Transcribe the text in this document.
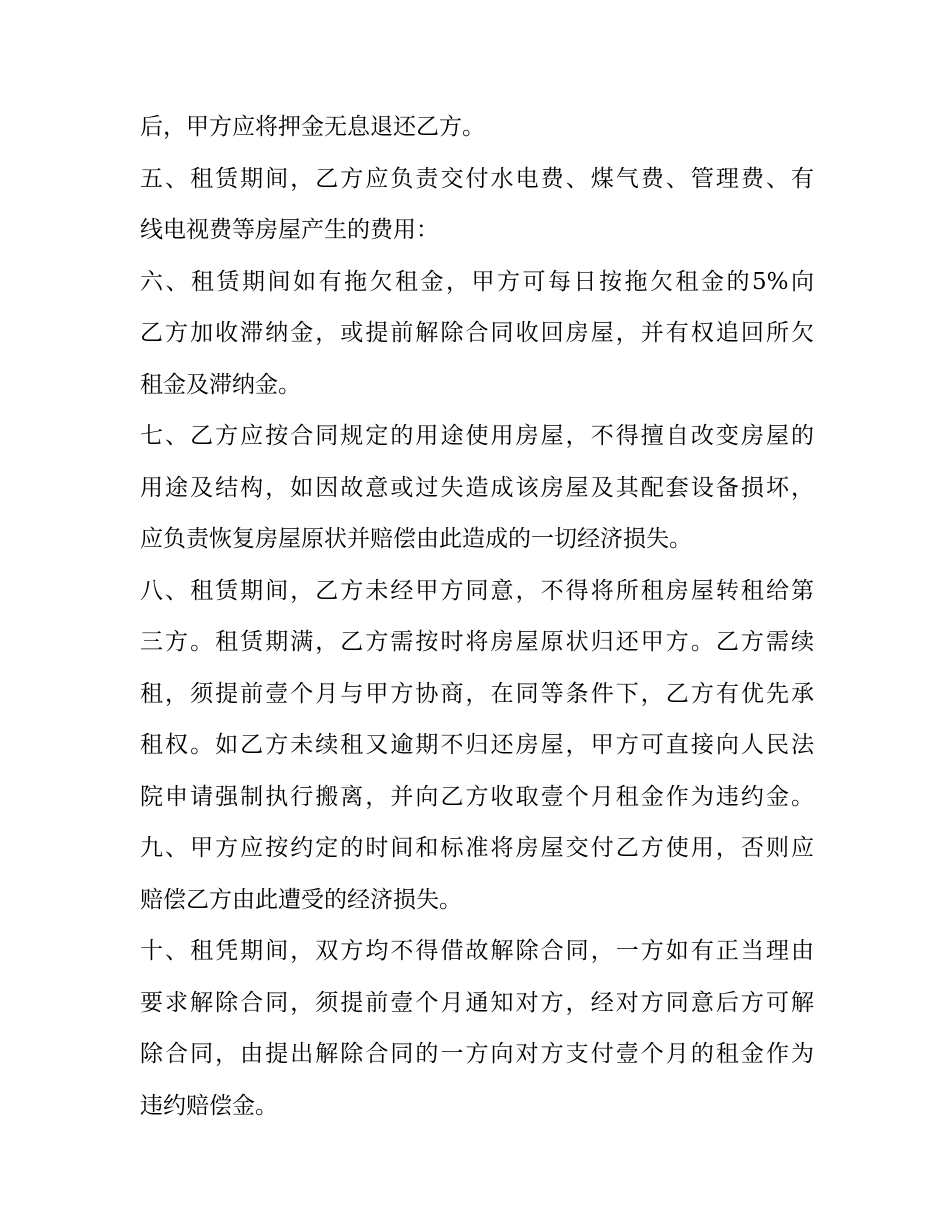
后，甲方应将押金无息退还乙方。
五、租赁期间，乙方应负责交付水电费、煤气费、管理费、有
线电视费等房屋产生的费用：
六、租赁期间如有拖欠租金，甲方可每日按拖欠租金的5%向
乙方加收滞纳金，或提前解除合同收回房屋，并有权追回所欠
租金及滞纳金。
七、乙方应按合同规定的用途使用房屋，不得擅自改变房屋的
用途及结构，如因故意或过失造成该房屋及其配套设备损坏，
应负责恢复房屋原状并赔偿由此造成的一切经济损失。
八、租赁期间，乙方未经甲方同意，不得将所租房屋转租给第
三方。租赁期满，乙方需按时将房屋原状归还甲方。乙方需续
租，须提前壹个月与甲方协商，在同等条件下，乙方有优先承
租权。如乙方未续租又逾期不归还房屋，甲方可直接向人民法
院申请强制执行搬离，并向乙方收取壹个月租金作为违约金。
九、甲方应按约定的时间和标准将房屋交付乙方使用，否则应
赔偿乙方由此遭受的经济损失。
十、租凭期间，双方均不得借故解除合同，一方如有正当理由
要求解除合同，须提前壹个月通知对方，经对方同意后方可解
除合同，由提出解除合同的一方向对方支付壹个月的租金作为
违约赔偿金。
